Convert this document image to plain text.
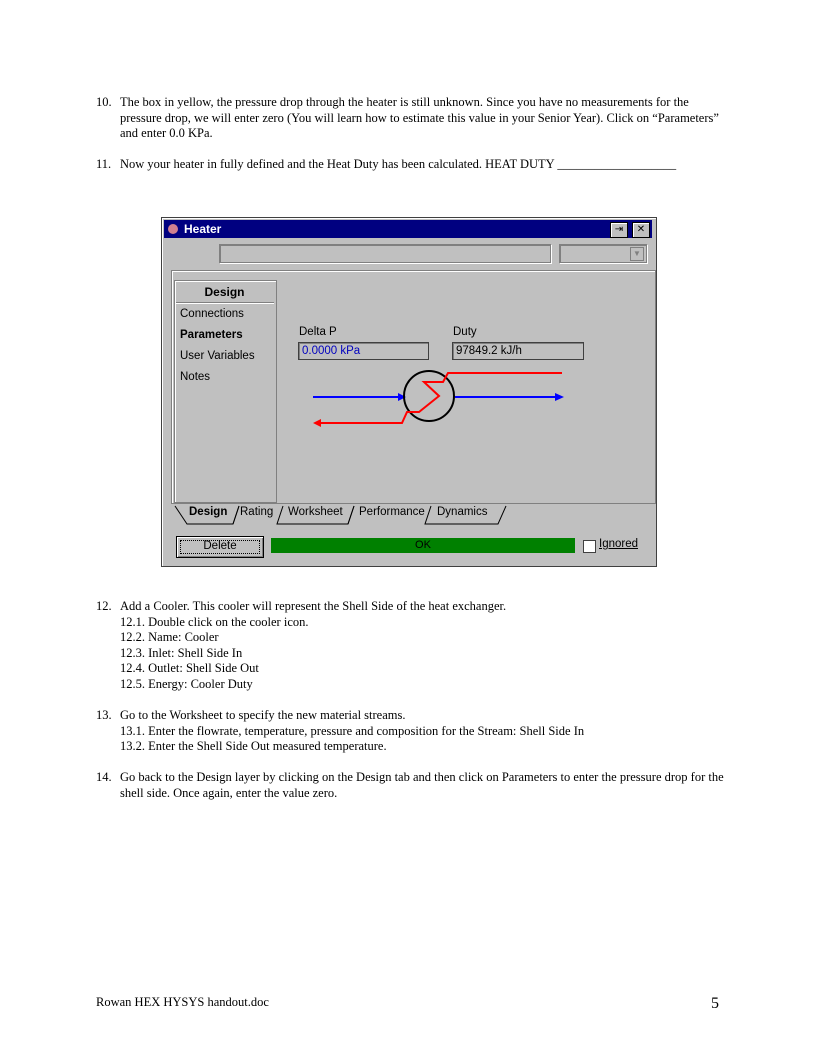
10. The box in yellow, the pressure drop through the heater is still unknown. Since you have no measurements for the pressure drop, we will enter zero (You will learn how to estimate this value in your Senior Year). Click on “Parameters” and enter 0.0 KPa.
11. Now your heater in fully defined and the Heat Duty has been calculated. HEAT DUTY ___________________
Heater	⇥	✕
▼
Design
Connections
Parameters
User Variables
Notes
Delta P
0.0000 kPa
Duty
97849.2 kJ/h
Design Rating Worksheet Performance Dynamics
Delete	OK	Ignored
12. Add a Cooler. This cooler will represent the Shell Side of the heat exchanger.
12.1. Double click on the cooler icon.
12.2. Name: Cooler
12.3. Inlet: Shell Side In
12.4. Outlet: Shell Side Out
12.5. Energy: Cooler Duty
13. Go to the Worksheet to specify the new material streams.
13.1. Enter the flowrate, temperature, pressure and composition for the Stream: Shell Side In
13.2. Enter the Shell Side Out measured temperature.
14. Go back to the Design layer by clicking on the Design tab and then click on Parameters to enter the pressure drop for the shell side. Once again, enter the value zero.
Rowan HEX HYSYS handout.doc	5
